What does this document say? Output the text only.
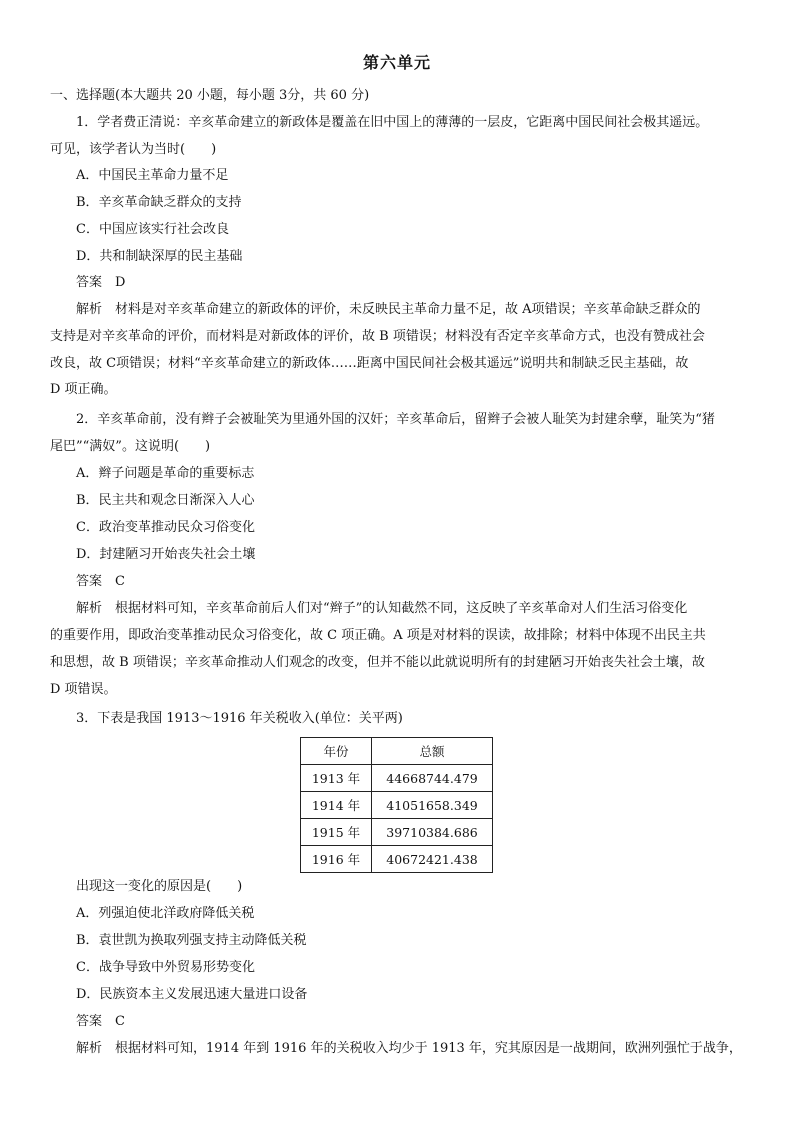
第六单元
一、选择题(本大题共 20 小题，每小题 3分，共 60 分)
1．学者费正清说：辛亥革命建立的新政体是覆盖在旧中国上的薄薄的一层皮，它距离中国民间社会极其遥远。
可见，该学者认为当时(　　)
A．中国民主革命力量不足
B．辛亥革命缺乏群众的支持
C．中国应该实行社会改良
D．共和制缺深厚的民主基础
答案　D
解析　材料是对辛亥革命建立的新政体的评价，未反映民主革命力量不足，故 A项错误；辛亥革命缺乏群众的
支持是对辛亥革命的评价，而材料是对新政体的评价，故 B 项错误；材料没有否定辛亥革命方式，也没有赞成社会
改良，故 C项错误；材料“辛亥革命建立的新政体……距离中国民间社会极其遥远”说明共和制缺乏民主基础，故
D 项正确。
2．辛亥革命前，没有辫子会被耻笑为里通外国的汉奸；辛亥革命后，留辫子会被人耻笑为封建余孽，耻笑为“猪
尾巴”“满奴”。这说明(　　)
A．辫子问题是革命的重要标志
B．民主共和观念日渐深入人心
C．政治变革推动民众习俗变化
D．封建陋习开始丧失社会土壤
答案　C
解析　根据材料可知，辛亥革命前后人们对“辫子”的认知截然不同，这反映了辛亥革命对人们生活习俗变化
的重要作用，即政治变革推动民众习俗变化，故 C 项正确。A 项是对材料的误读，故排除；材料中体现不出民主共
和思想，故 B 项错误；辛亥革命推动人们观念的改变，但并不能以此就说明所有的封建陋习开始丧失社会土壤，故
D 项错误。
3．下表是我国 1913～1916 年关税收入(单位：关平两)
年份	总额
1913 年	44668744.479
1914 年	41051658.349
1915 年	39710384.686
1916 年	40672421.438
出现这一变化的原因是(　　)
A．列强迫使北洋政府降低关税
B．袁世凯为换取列强支持主动降低关税
C．战争导致中外贸易形势变化
D．民族资本主义发展迅速大量进口设备
答案　C
解析　根据材料可知，1914 年到 1916 年的关税收入均少于 1913 年，究其原因是一战期间，欧洲列强忙于战争，
